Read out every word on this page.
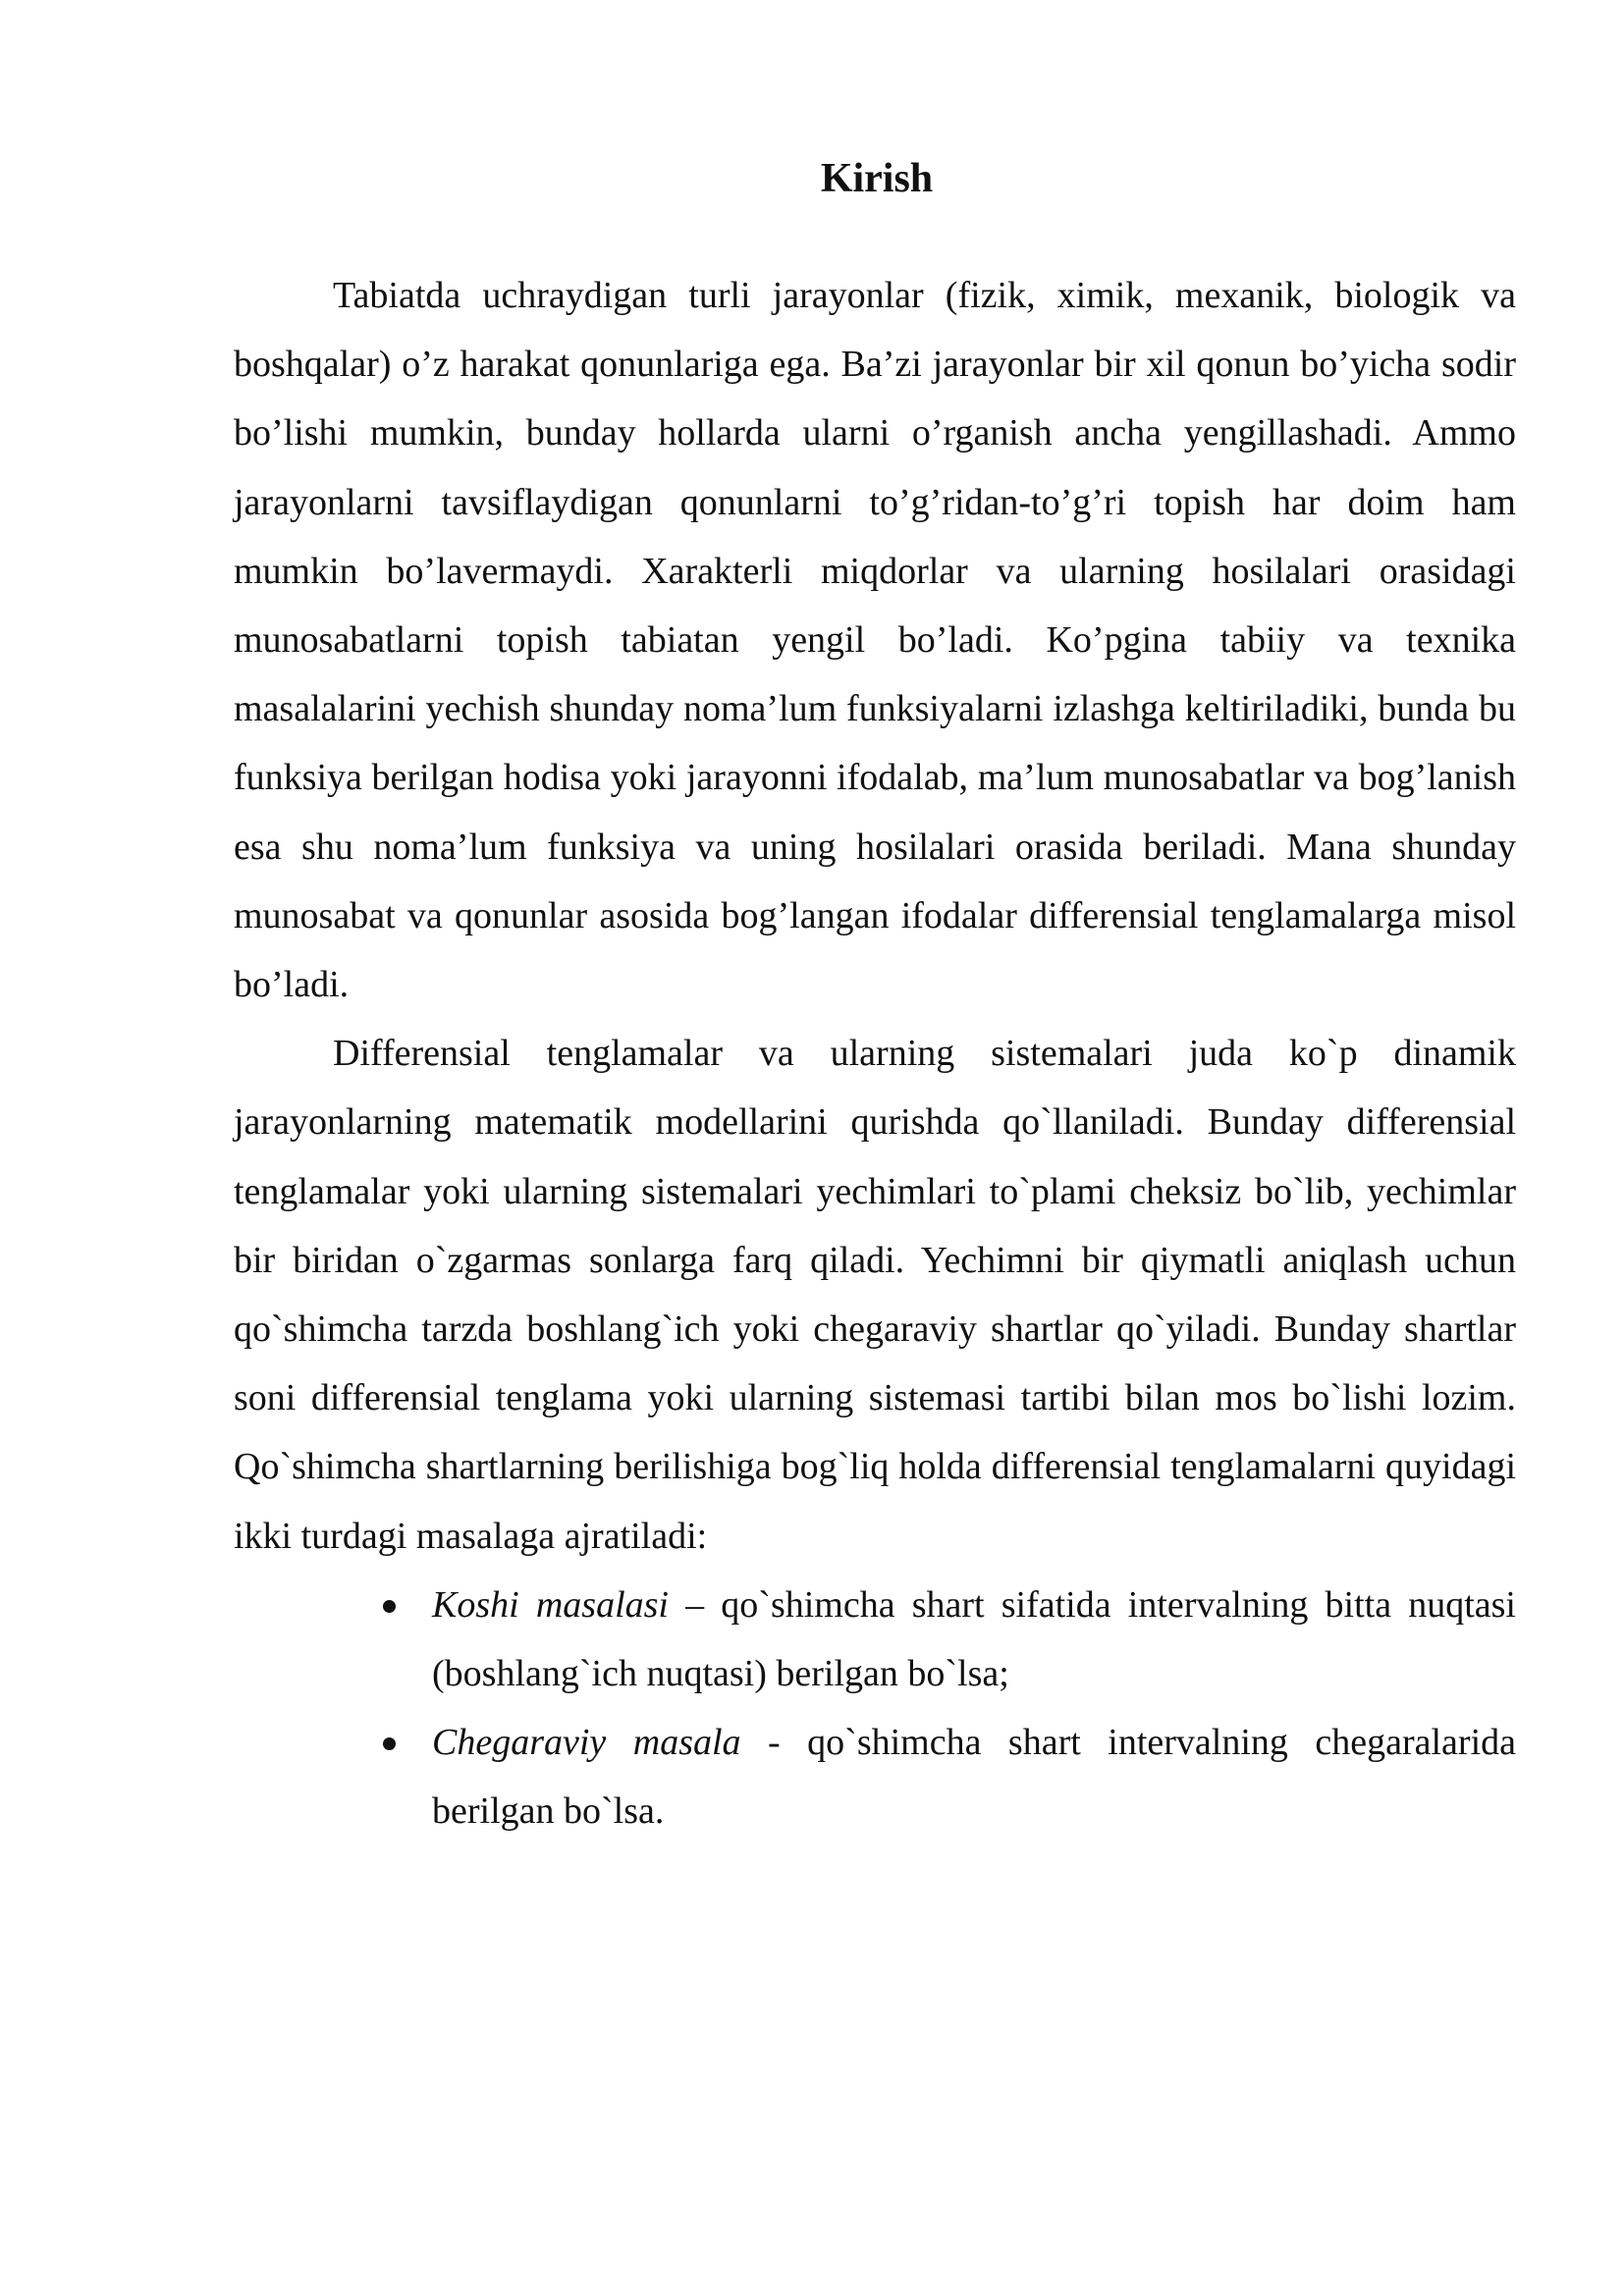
Kirish

Tabiatda uchraydigan turli jarayonlar (fizik, ximik, mexanik, biologik va boshqalar) o’z harakat qonunlariga ega. Ba’zi jarayonlar bir xil qonun bo’yicha sodir bo’lishi mumkin, bunday hollarda ularni o’rganish ancha yengillashadi. Ammo jarayonlarni tavsiflaydigan qonunlarni to’g’ridan-to’g’ri topish har doim ham mumkin bo’lavermaydi. Xarakterli miqdorlar va ularning hosilalari orasidagi munosabatlarni topish tabiatan yengil bo’ladi. Ko’pgina tabiiy va texnika masalalarini yechish shunday noma’lum funksiyalarni izlashga keltiriladiki, bunda bu funksiya berilgan hodisa yoki jarayonni ifodalab, ma’lum munosabatlar va bog’lanish esa shu noma’lum funksiya va uning hosilalari orasida beriladi. Mana shunday munosabat va qonunlar asosida bog’langan ifodalar differensial tenglamalarga misol bo’ladi.

Differensial tenglamalar va ularning sistemalari juda ko`p dinamik jarayonlarning matematik modellarini qurishda qo`llaniladi. Bunday differensial tenglamalar yoki ularning sistemalari yechimlari to`plami cheksiz bo`lib, yechimlar bir biridan o`zgarmas sonlarga farq qiladi. Yechimni bir qiymatli aniqlash uchun qo`shimcha tarzda boshlang`ich yoki chegaraviy shartlar qo`yiladi. Bunday shartlar soni differensial tenglama yoki ularning sistemasi tartibi bilan mos bo`lishi lozim. Qo`shimcha shartlarning berilishiga bog`liq holda differensial tenglamalarni quyidagi ikki turdagi masalaga ajratiladi:

Koshi masalasi – qo`shimcha shart sifatida intervalning bitta nuqtasi (boshlang`ich nuqtasi) berilgan bo`lsa;
Chegaraviy masala - qo`shimcha shart intervalning chegaralarida berilgan bo`lsa.
